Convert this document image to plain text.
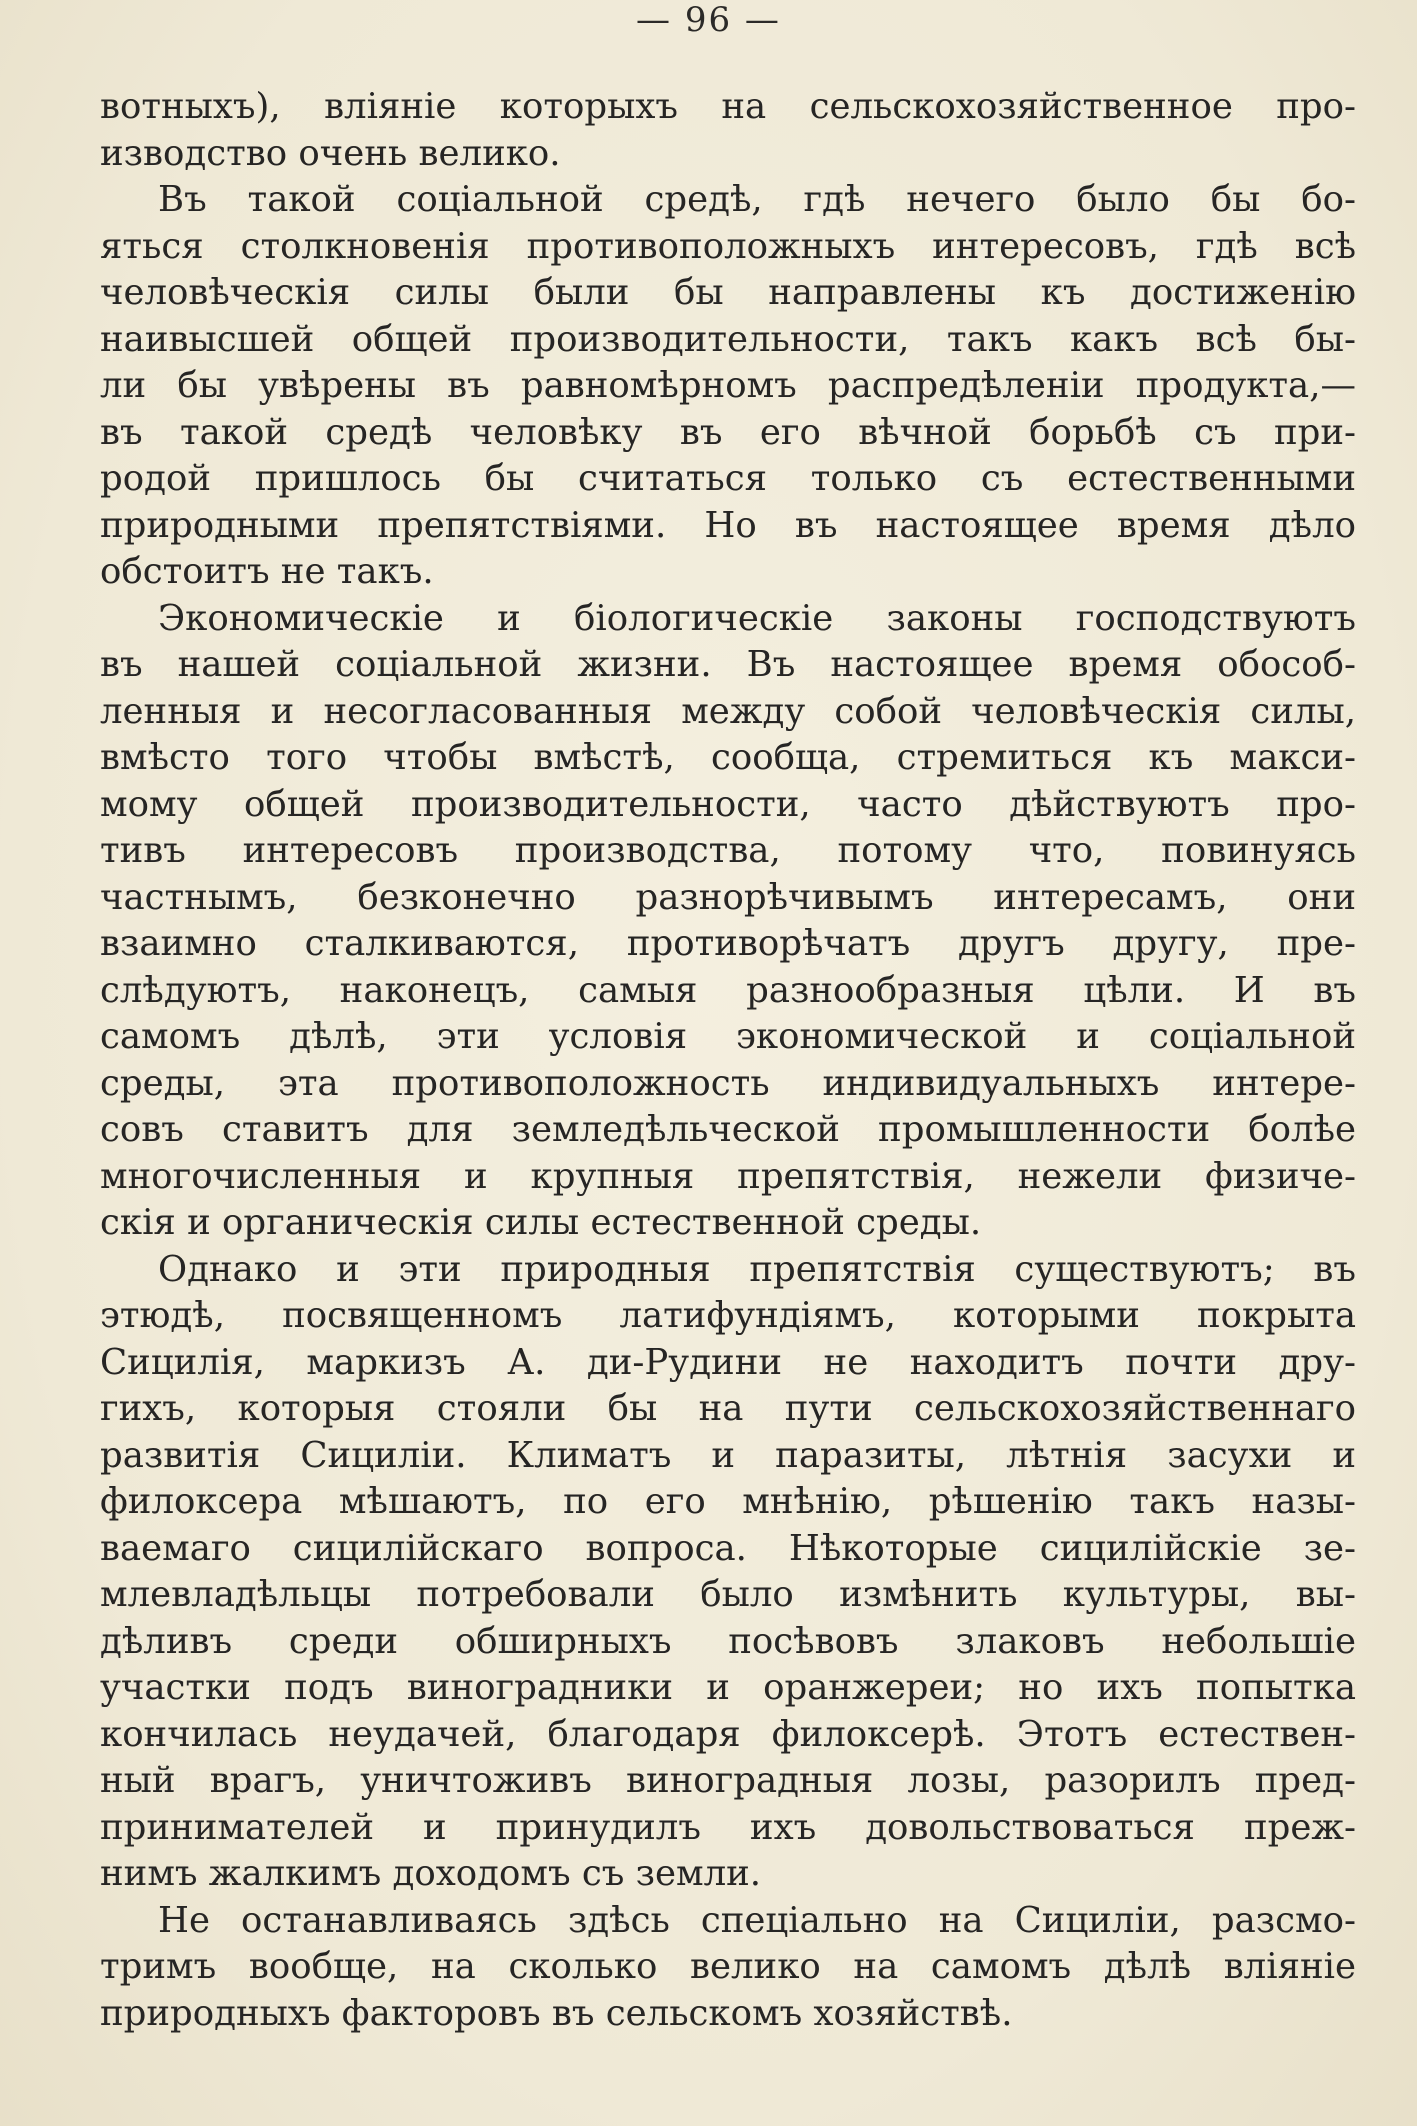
— 96 —
вотныхъ), вліяніе которыхъ на сельскохозяйственное про-
изводство очень велико.
Въ такой соціальной средѣ, гдѣ нечего было бы бо-
яться столкновенія противоположныхъ интересовъ, гдѣ всѣ
человѣческія силы были бы направлены къ достиженію
наивысшей общей производительности, такъ какъ всѣ бы-
ли бы увѣрены въ равномѣрномъ распредѣленіи продукта,—
въ такой средѣ человѣку въ его вѣчной борьбѣ съ при-
родой пришлось бы считаться только съ естественными
природными препятствіями. Но въ настоящее время дѣло
обстоитъ не такъ.
Экономическіе и біологическіе законы господствуютъ
въ нашей соціальной жизни. Въ настоящее время обособ-
ленныя и несогласованныя между собой человѣческія силы,
вмѣсто того чтобы вмѣстѣ, сообща, стремиться къ макси-
мому общей производительности, часто дѣйствуютъ про-
тивъ интересовъ производства, потому что, повинуясь
частнымъ, безконечно разнорѣчивымъ интересамъ, они
взаимно сталкиваются, противорѣчатъ другъ другу, пре-
слѣдуютъ, наконецъ, самыя разнообразныя цѣли. И въ
самомъ дѣлѣ, эти условія экономической и соціальной
среды, эта противоположность индивидуальныхъ интере-
совъ ставитъ для земледѣльческой промышленности болѣе
многочисленныя и крупныя препятствія, нежели физиче-
скія и органическія силы естественной среды.
Однако и эти природныя препятствія существуютъ; въ
этюдѣ, посвященномъ латифундіямъ, которыми покрыта
Сицилія, маркизъ А. ди-Рудини не находитъ почти дру-
гихъ, которыя стояли бы на пути сельскохозяйственнаго
развитія Сициліи. Климатъ и паразиты, лѣтнія засухи и
филоксера мѣшаютъ, по его мнѣнію, рѣшенію такъ назы-
ваемаго сицилійскаго вопроса. Нѣкоторые сицилійскіе зе-
млевладѣльцы потребовали было измѣнить культуры, вы-
дѣливъ среди обширныхъ посѣвовъ злаковъ небольшіе
участки подъ виноградники и оранжереи; но ихъ попытка
кончилась неудачей, благодаря филоксерѣ. Этотъ естествен-
ный врагъ, уничтоживъ виноградныя лозы, разорилъ пред-
принимателей и принудилъ ихъ довольствоваться преж-
нимъ жалкимъ доходомъ съ земли.
Не останавливаясь здѣсь спеціально на Сициліи, разсмо-
тримъ вообще, на сколько велико на самомъ дѣлѣ вліяніе
природныхъ факторовъ въ сельскомъ хозяйствѣ.
